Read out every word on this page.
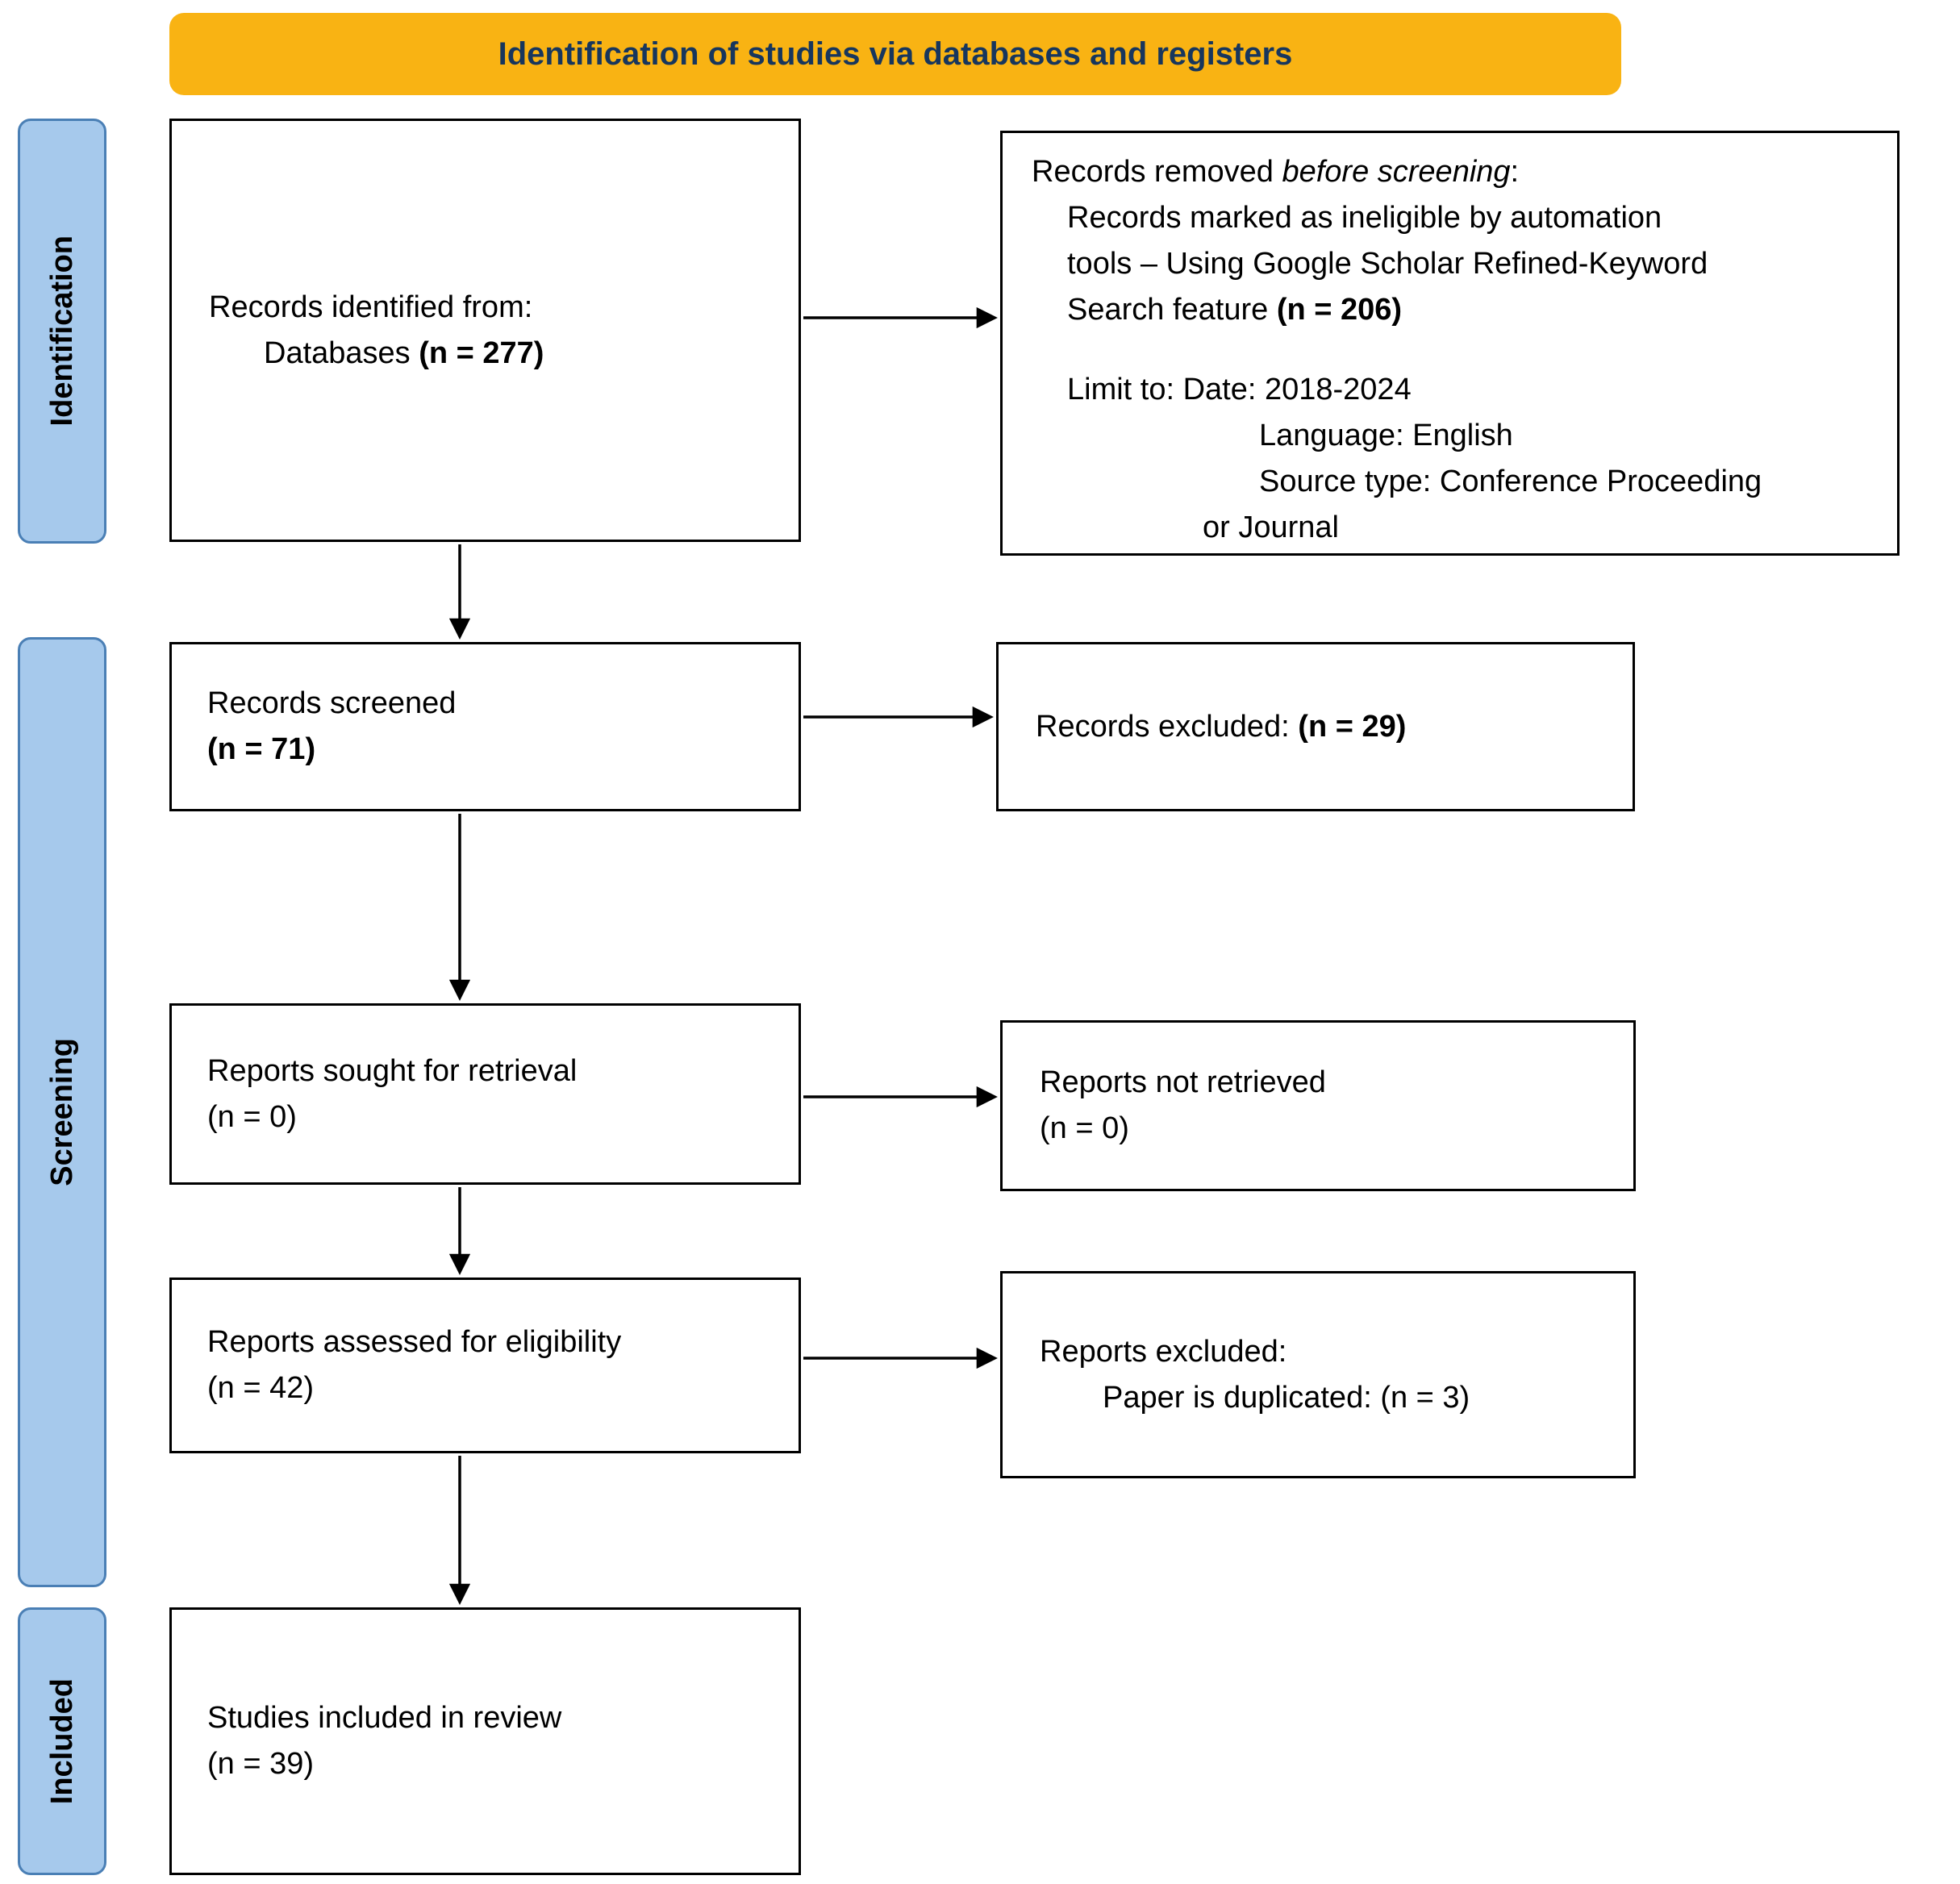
Identification of studies via databases and registers
Identification
Screening
Included
Records identified from:
Databases (n = 277)
Records removed before screening:
Records marked as ineligible by automation
tools – Using Google Scholar Refined-Keyword
Search feature (n = 206)
Limit to: Date: 2018-2024
Language: English
Source type: Conference Proceeding
or Journal
Records screened
(n = 71)
Records excluded: (n = 29)
Reports sought for retrieval
(n = 0)
Reports not retrieved
(n = 0)
Reports assessed for eligibility
(n = 42)
Reports excluded:
Paper is duplicated: (n = 3)
Studies included in review
(n = 39)
